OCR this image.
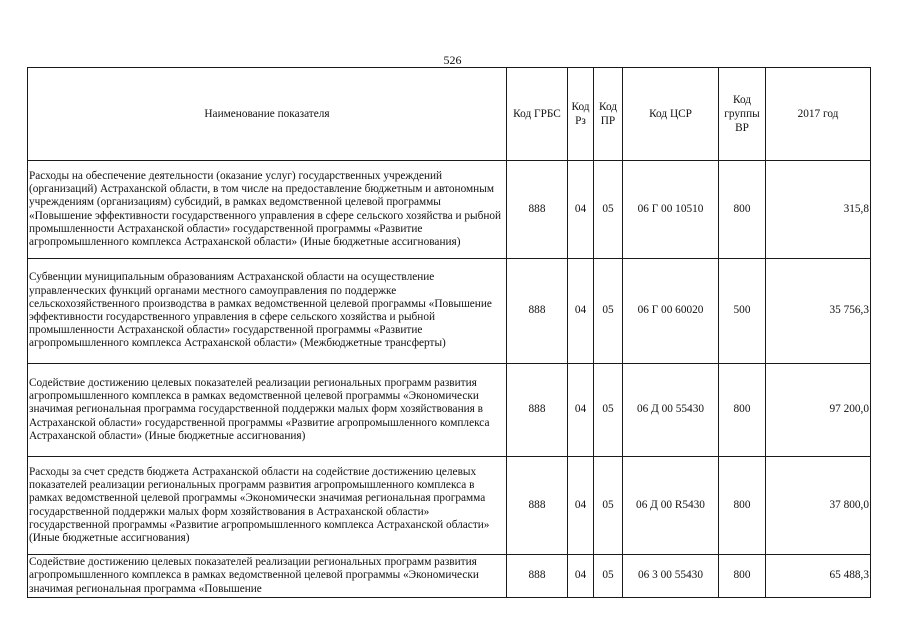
526
Наименование показателя	Код ГРБС	Код Рз	Код ПР	Код ЦСР	Код группы ВР	2017 год
Расходы на обеспечение деятельности (оказание услуг) государственных учреждений (организаций) Астраханской области, в том числе на предоставление бюджетным и автономным учреждениям (организациям) субсидий, в рамках ведомственной целевой программы «Повышение эффективности государственного управления в сфере сельского хозяйства и рыбной промышленности Астраханской области» государственной программы «Развитие агропромышленного комплекса Астраханской области» (Иные бюджетные ассигнования)	888	04	05	06 Г 00 10510	800	315,8
Субвенции муниципальным образованиям Астраханской области на осуществление управленческих функций органами местного самоуправления по поддержке сельскохозяйственного производства в рамках ведомственной целевой программы «Повышение эффективности государственного управления в сфере сельского хозяйства и рыбной промышленности Астраханской области» государственной программы «Развитие агропромышленного комплекса Астраханской области» (Межбюджетные трансферты)	888	04	05	06 Г 00 60020	500	35 756,3
Содействие достижению целевых показателей реализации региональных программ развития агропромышленного комплекса в рамках ведомственной целевой программы «Экономически значимая региональная программа государственной поддержки малых форм хозяйствования в Астраханской области» государственной программы «Развитие агропромышленного комплекса Астраханской области» (Иные бюджетные ассигнования)	888	04	05	06 Д 00 55430	800	97 200,0
Расходы за счет средств бюджета Астраханской области на содействие достижению целевых показателей реализации региональных программ развития агропромышленного комплекса в рамках ведомственной целевой программы «Экономически значимая региональная программа государственной поддержки малых форм хозяйствования в Астраханской области» государственной программы «Развитие агропромышленного комплекса Астраханской области» (Иные бюджетные ассигнования)	888	04	05	06 Д 00 R5430	800	37 800,0
Содействие достижению целевых показателей реализации региональных программ развития агропромышленного комплекса в рамках ведомственной целевой программы «Экономически значимая региональная программа «Повышение	888	04	05	06 3 00 55430	800	65 488,3
